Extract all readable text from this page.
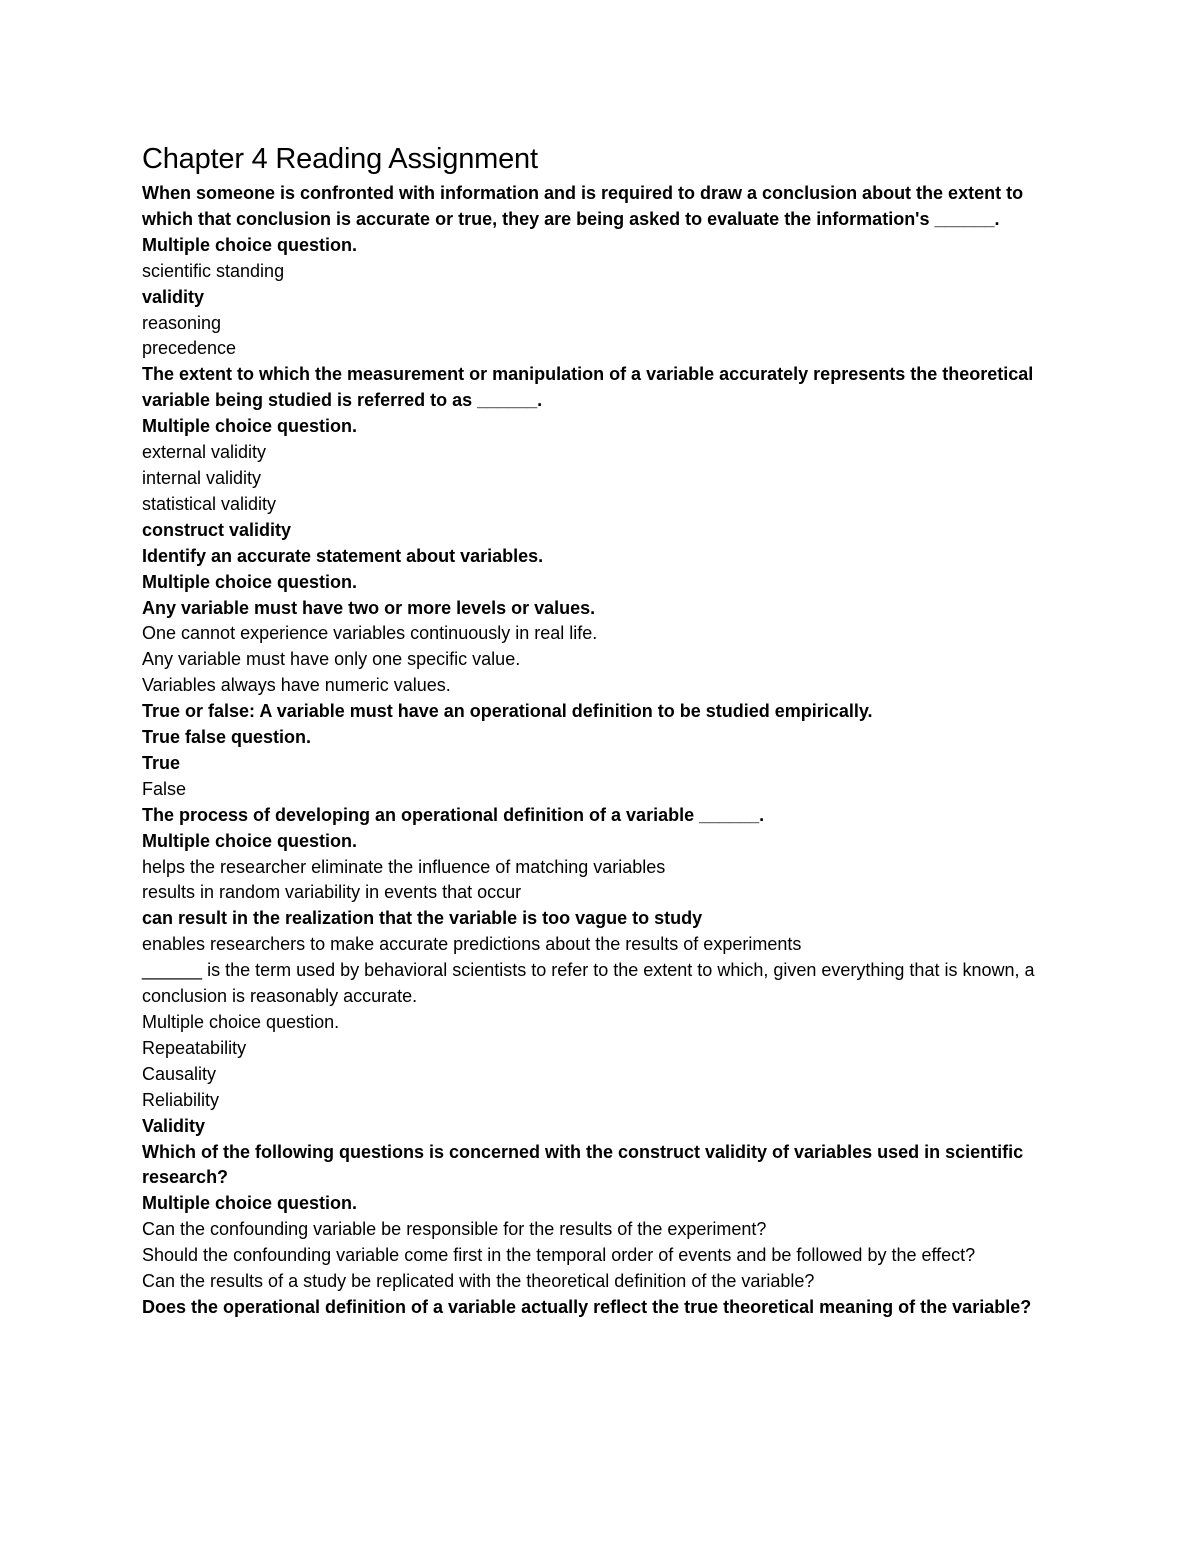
Chapter 4 Reading Assignment

When someone is confronted with information and is required to draw a conclusion about the extent to which that conclusion is accurate or true, they are being asked to evaluate the information's ______.

Multiple choice question.

scientific standing

validity

reasoning

precedence

The extent to which the measurement or manipulation of a variable accurately represents the theoretical variable being studied is referred to as ______.

Multiple choice question.

external validity

internal validity

statistical validity

construct validity

Identify an accurate statement about variables.

Multiple choice question.

Any variable must have two or more levels or values.

One cannot experience variables continuously in real life.

Any variable must have only one specific value.

Variables always have numeric values.

True or false: A variable must have an operational definition to be studied empirically.

True false question.

True

False

The process of developing an operational definition of a variable ______.

Multiple choice question.

helps the researcher eliminate the influence of matching variables

results in random variability in events that occur

can result in the realization that the variable is too vague to study

enables researchers to make accurate predictions about the results of experiments

______ is the term used by behavioral scientists to refer to the extent to which, given everything that is known, a conclusion is reasonably accurate.

Multiple choice question.

Repeatability

Causality

Reliability

Validity

Which of the following questions is concerned with the construct validity of variables used in scientific research?

Multiple choice question.

Can the confounding variable be responsible for the results of the experiment?

Should the confounding variable come first in the temporal order of events and be followed by the effect?

Can the results of a study be replicated with the theoretical definition of the variable?

Does the operational definition of a variable actually reflect the true theoretical meaning of the variable?
